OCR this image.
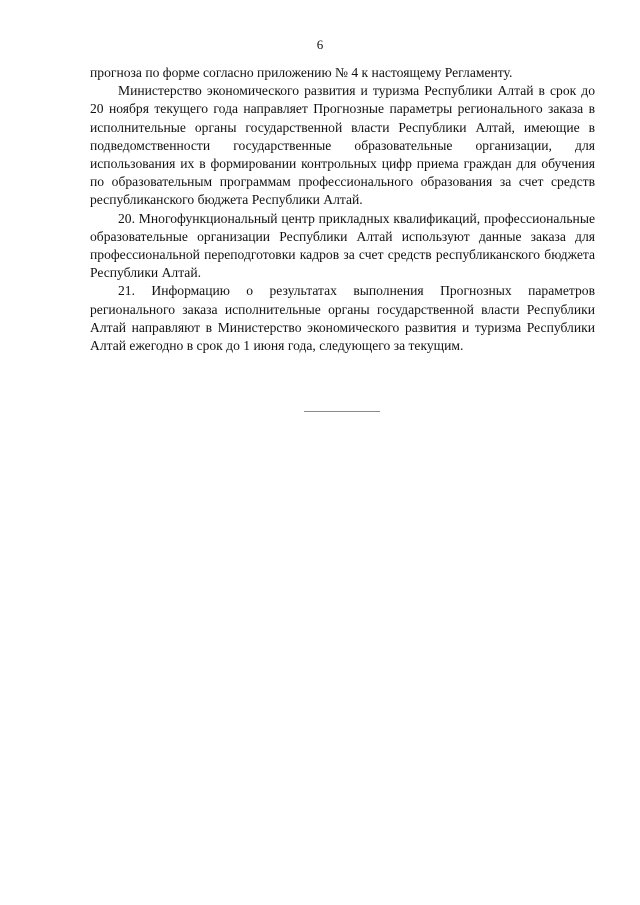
6

прогноза по форме согласно приложению № 4 к настоящему Регламенту.

Министерство экономического развития и туризма Республики Алтай в срок до 20 ноября текущего года направляет Прогнозные параметры регионального заказа в исполнительные органы государственной власти Республики Алтай, имеющие в подведомственности государственные образовательные организации, для использования их в формировании контрольных цифр приема граждан для обучения по образовательным программам профессионального образования за счет средств республиканского бюджета Республики Алтай.

20. Многофункциональный центр прикладных квалификаций, профессиональные образовательные организации Республики Алтай используют данные заказа для профессиональной переподготовки кадров за счет средств республиканского бюджета Республики Алтай.

21. Информацию о результатах выполнения Прогнозных параметров регионального заказа исполнительные органы государственной власти Республики Алтай направляют в Министерство экономического развития и туризма Республики Алтай ежегодно в срок до 1 июня года, следующего за текущим.
